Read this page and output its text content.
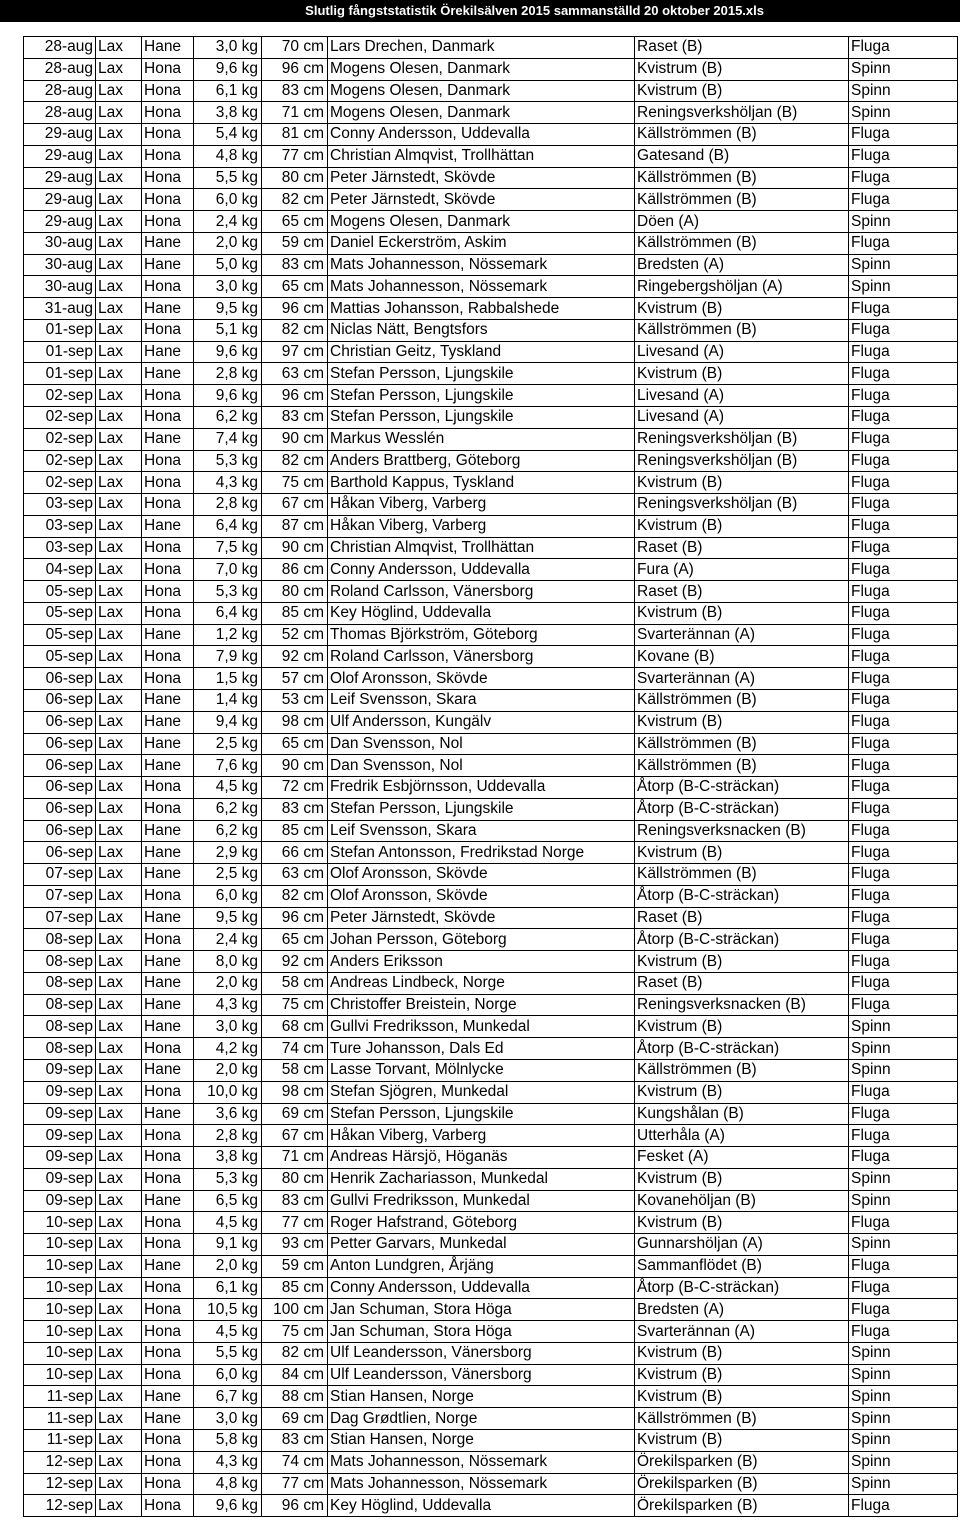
Slutlig fångststatistik Örekilsälven 2015 sammanställd 20 oktober 2015.xls
28-aug	Lax	Hane	3,0 kg	70 cm	Lars Drechen, Danmark	Raset (B)	Fluga
28-aug	Lax	Hona	9,6 kg	96 cm	Mogens Olesen, Danmark	Kvistrum (B)	Spinn
28-aug	Lax	Hona	6,1 kg	83 cm	Mogens Olesen, Danmark	Kvistrum (B)	Spinn
28-aug	Lax	Hona	3,8 kg	71 cm	Mogens Olesen, Danmark	Reningsverkshöljan (B)	Spinn
29-aug	Lax	Hona	5,4 kg	81 cm	Conny Andersson, Uddevalla	Källströmmen (B)	Fluga
29-aug	Lax	Hona	4,8 kg	77 cm	Christian Almqvist, Trollhättan	Gatesand (B)	Fluga
29-aug	Lax	Hona	5,5 kg	80 cm	Peter Järnstedt, Skövde	Källströmmen (B)	Fluga
29-aug	Lax	Hona	6,0 kg	82 cm	Peter Järnstedt, Skövde	Källströmmen (B)	Fluga
29-aug	Lax	Hona	2,4 kg	65 cm	Mogens Olesen, Danmark	Döen (A)	Spinn
30-aug	Lax	Hane	2,0 kg	59 cm	Daniel Eckerström, Askim	Källströmmen (B)	Fluga
30-aug	Lax	Hane	5,0 kg	83 cm	Mats Johannesson, Nössemark	Bredsten (A)	Spinn
30-aug	Lax	Hona	3,0 kg	65 cm	Mats Johannesson, Nössemark	Ringebergshöljan (A)	Spinn
31-aug	Lax	Hane	9,5 kg	96 cm	Mattias Johansson, Rabbalshede	Kvistrum (B)	Fluga
01-sep	Lax	Hona	5,1 kg	82 cm	Niclas Nätt, Bengtsfors	Källströmmen (B)	Fluga
01-sep	Lax	Hane	9,6 kg	97 cm	Christian Geitz, Tyskland	Livesand (A)	Fluga
01-sep	Lax	Hane	2,8 kg	63 cm	Stefan Persson, Ljungskile	Kvistrum (B)	Fluga
02-sep	Lax	Hona	9,6 kg	96 cm	Stefan Persson, Ljungskile	Livesand (A)	Fluga
02-sep	Lax	Hona	6,2 kg	83 cm	Stefan Persson, Ljungskile	Livesand (A)	Fluga
02-sep	Lax	Hane	7,4 kg	90 cm	Markus Wesslén	Reningsverkshöljan (B)	Fluga
02-sep	Lax	Hona	5,3 kg	82 cm	Anders Brattberg, Göteborg	Reningsverkshöljan (B)	Fluga
02-sep	Lax	Hona	4,3 kg	75 cm	Barthold Kappus, Tyskland	Kvistrum (B)	Fluga
03-sep	Lax	Hona	2,8 kg	67 cm	Håkan Viberg, Varberg	Reningsverkshöljan (B)	Fluga
03-sep	Lax	Hane	6,4 kg	87 cm	Håkan Viberg, Varberg	Kvistrum (B)	Fluga
03-sep	Lax	Hona	7,5 kg	90 cm	Christian Almqvist, Trollhättan	Raset (B)	Fluga
04-sep	Lax	Hona	7,0 kg	86 cm	Conny Andersson, Uddevalla	Fura (A)	Fluga
05-sep	Lax	Hona	5,3 kg	80 cm	Roland Carlsson, Vänersborg	Raset (B)	Fluga
05-sep	Lax	Hona	6,4 kg	85 cm	Key Höglind, Uddevalla	Kvistrum (B)	Fluga
05-sep	Lax	Hane	1,2 kg	52 cm	Thomas Björkström, Göteborg	Svarterännan (A)	Fluga
05-sep	Lax	Hona	7,9 kg	92 cm	Roland Carlsson, Vänersborg	Kovane (B)	Fluga
06-sep	Lax	Hona	1,5 kg	57 cm	Olof Aronsson, Skövde	Svarterännan (A)	Fluga
06-sep	Lax	Hane	1,4 kg	53 cm	Leif Svensson, Skara	Källströmmen (B)	Fluga
06-sep	Lax	Hane	9,4 kg	98 cm	Ulf Andersson, Kungälv	Kvistrum (B)	Fluga
06-sep	Lax	Hane	2,5 kg	65 cm	Dan Svensson, Nol	Källströmmen (B)	Fluga
06-sep	Lax	Hane	7,6 kg	90 cm	Dan Svensson, Nol	Källströmmen (B)	Fluga
06-sep	Lax	Hona	4,5 kg	72 cm	Fredrik Esbjörnsson, Uddevalla	Åtorp (B-C-sträckan)	Fluga
06-sep	Lax	Hona	6,2 kg	83 cm	Stefan Persson, Ljungskile	Åtorp (B-C-sträckan)	Fluga
06-sep	Lax	Hane	6,2 kg	85 cm	Leif Svensson, Skara	Reningsverksnacken (B)	Fluga
06-sep	Lax	Hane	2,9 kg	66 cm	Stefan Antonsson, Fredrikstad Norge	Kvistrum (B)	Fluga
07-sep	Lax	Hane	2,5 kg	63 cm	Olof Aronsson, Skövde	Källströmmen (B)	Fluga
07-sep	Lax	Hona	6,0 kg	82 cm	Olof Aronsson, Skövde	Åtorp (B-C-sträckan)	Fluga
07-sep	Lax	Hane	9,5 kg	96 cm	Peter Järnstedt, Skövde	Raset (B)	Fluga
08-sep	Lax	Hona	2,4 kg	65 cm	Johan Persson, Göteborg	Åtorp (B-C-sträckan)	Fluga
08-sep	Lax	Hane	8,0 kg	92 cm	Anders Eriksson	Kvistrum (B)	Fluga
08-sep	Lax	Hane	2,0 kg	58 cm	Andreas Lindbeck, Norge	Raset (B)	Fluga
08-sep	Lax	Hane	4,3 kg	75 cm	Christoffer Breistein, Norge	Reningsverksnacken (B)	Fluga
08-sep	Lax	Hane	3,0 kg	68 cm	Gullvi Fredriksson, Munkedal	Kvistrum (B)	Spinn
08-sep	Lax	Hona	4,2 kg	74 cm	Ture Johansson, Dals Ed	Åtorp (B-C-sträckan)	Spinn
09-sep	Lax	Hane	2,0 kg	58 cm	Lasse Torvant, Mölnlycke	Källströmmen (B)	Spinn
09-sep	Lax	Hona	10,0 kg	98 cm	Stefan Sjögren, Munkedal	Kvistrum (B)	Fluga
09-sep	Lax	Hane	3,6 kg	69 cm	Stefan Persson, Ljungskile	Kungshålan (B)	Fluga
09-sep	Lax	Hona	2,8 kg	67 cm	Håkan Viberg, Varberg	Utterhåla (A)	Fluga
09-sep	Lax	Hona	3,8 kg	71 cm	Andreas Härsjö, Höganäs	Fesket (A)	Fluga
09-sep	Lax	Hona	5,3 kg	80 cm	Henrik Zachariasson, Munkedal	Kvistrum (B)	Spinn
09-sep	Lax	Hane	6,5 kg	83 cm	Gullvi Fredriksson, Munkedal	Kovanehöljan (B)	Spinn
10-sep	Lax	Hona	4,5 kg	77 cm	Roger Hafstrand, Göteborg	Kvistrum (B)	Fluga
10-sep	Lax	Hona	9,1 kg	93 cm	Petter Garvars, Munkedal	Gunnarshöljan (A)	Spinn
10-sep	Lax	Hane	2,0 kg	59 cm	Anton Lundgren, Årjäng	Sammanflödet (B)	Fluga
10-sep	Lax	Hona	6,1 kg	85 cm	Conny Andersson, Uddevalla	Åtorp (B-C-sträckan)	Fluga
10-sep	Lax	Hona	10,5 kg	100 cm	Jan Schuman, Stora Höga	Bredsten (A)	Fluga
10-sep	Lax	Hona	4,5 kg	75 cm	Jan Schuman, Stora Höga	Svarterännan (A)	Fluga
10-sep	Lax	Hona	5,5 kg	82 cm	Ulf Leandersson, Vänersborg	Kvistrum (B)	Spinn
10-sep	Lax	Hona	6,0 kg	84 cm	Ulf Leandersson, Vänersborg	Kvistrum (B)	Spinn
11-sep	Lax	Hane	6,7 kg	88 cm	Stian Hansen, Norge	Kvistrum (B)	Spinn
11-sep	Lax	Hane	3,0 kg	69 cm	Dag Grødtlien, Norge	Källströmmen (B)	Spinn
11-sep	Lax	Hona	5,8 kg	83 cm	Stian Hansen, Norge	Kvistrum (B)	Spinn
12-sep	Lax	Hona	4,3 kg	74 cm	Mats Johannesson, Nössemark	Örekilsparken (B)	Spinn
12-sep	Lax	Hona	4,8 kg	77 cm	Mats Johannesson, Nössemark	Örekilsparken (B)	Spinn
12-sep	Lax	Hona	9,6 kg	96 cm	Key Höglind, Uddevalla	Örekilsparken (B)	Fluga
